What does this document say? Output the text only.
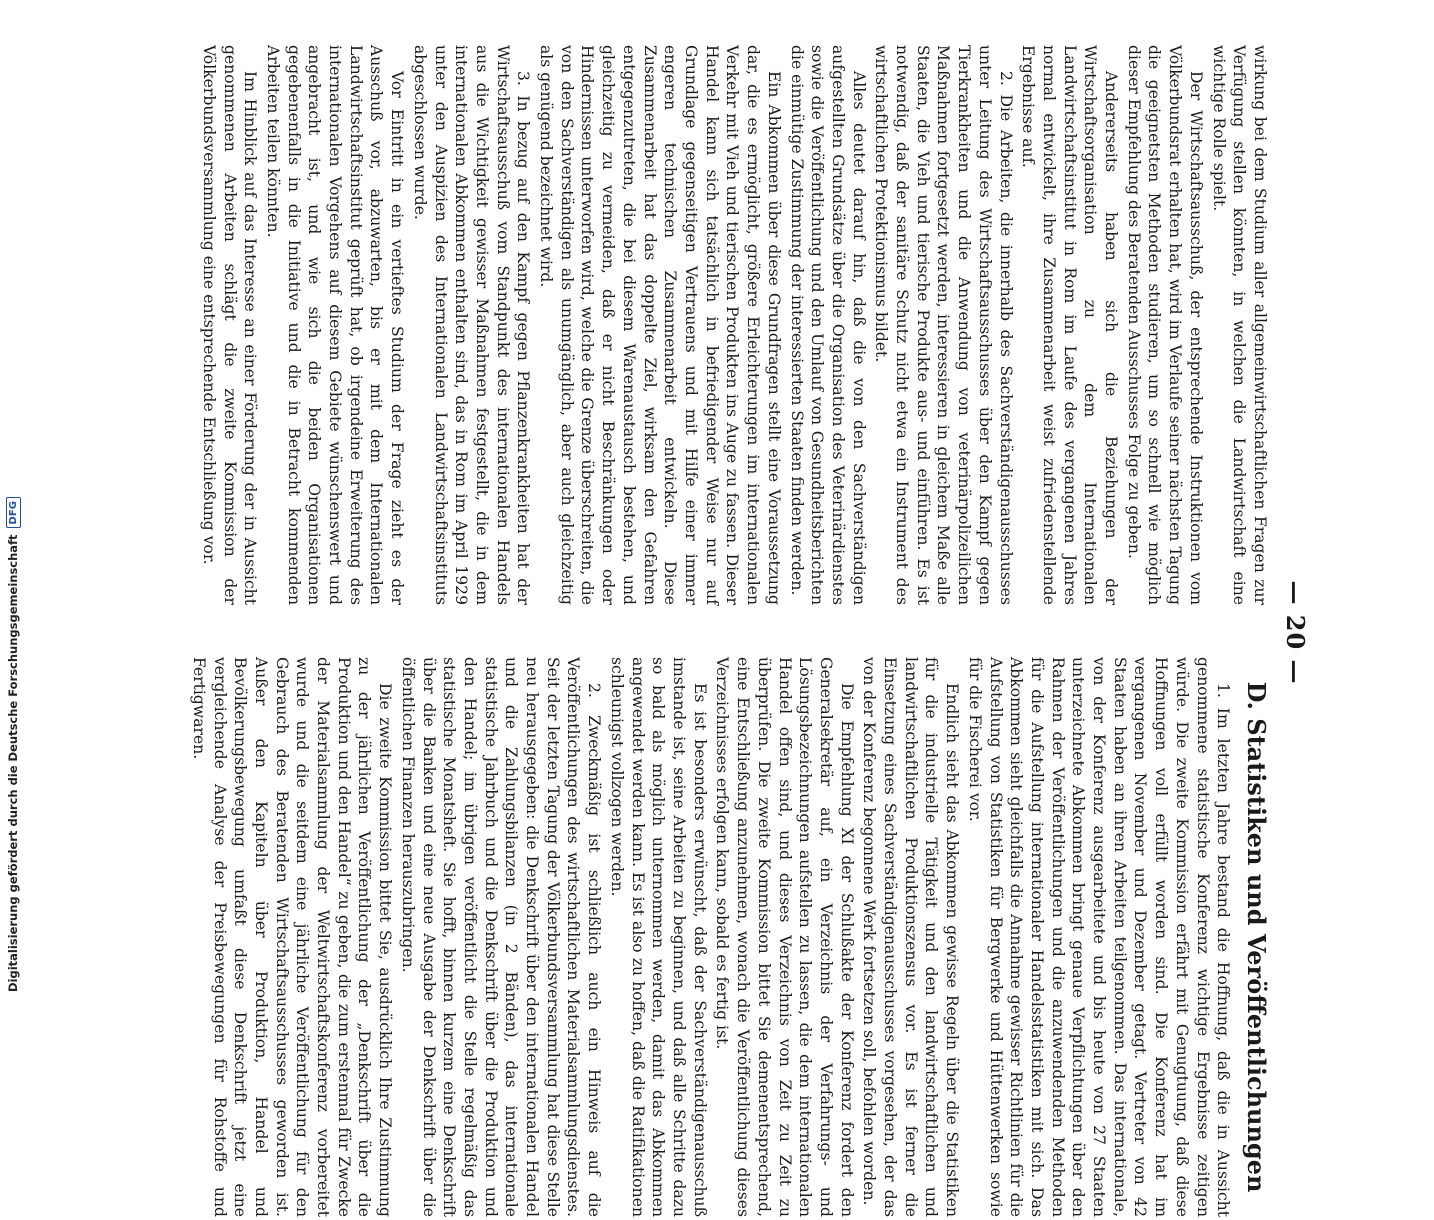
Digitalisierung gefördert durch die Deutsche ForschungsgemeinschaftDFG
— 20 —

wirkung bei dem Studium aller allgemeinwirtschaftlichen Fragen zur Verfügung stellen könnten, in welchen die Landwirtschaft eine wichtige Rolle spielt.

Der Wirtschaftsausschuß, der entsprechende Instruktionen vom Völkerbundsrat erhalten hat, wird im Verlaufe seiner nächsten Tagung die geeignetsten Methoden studieren, um so schnell wie möglich dieser Empfehlung des Beratenden Ausschusses Folge zu geben.

Andererseits haben sich die Beziehungen der Wirtschaftsorganisation zu dem Internationalen Landwirtschaftsinstitut in Rom im Laufe des vergangenen Jahres normal entwickelt, ihre Zusammenarbeit weist zufriedenstellende Ergebnisse auf.

2. Die Arbeiten, die innerhalb des Sachverständigenausschusses unter Leitung des Wirtschaftsausschusses über den Kampf gegen Tierkrankheiten und die Anwendung von veterinärpolizeilichen Maßnahmen fortgesetzt werden, interessieren in gleichem Maße alle Staaten, die Vieh und tierische Produkte aus- und einführen. Es ist notwendig, daß der sanitäre Schutz nicht etwa ein Instrument des wirtschaftlichen Protektionismus bildet.

Alles deutet darauf hin, daß die von den Sachverständigen aufgestellten Grundsätze über die Organisation des Veterinärdienstes sowie die Veröffentlichung und den Umlauf von Gesundheitsberichten die einmütige Zustimmung der interessierten Staaten finden werden.

Ein Abkommen über diese Grundfragen stellt eine Voraussetzung dar, die es ermöglicht, größere Erleichterungen im internationalen Verkehr mit Vieh und tierischen Produkten ins Auge zu fassen. Dieser Handel kann sich tatsächlich in befriedigender Weise nur auf Grundlage gegenseitigen Vertrauens und mit Hilfe einer immer engeren technischen Zusammenarbeit entwickeln. Diese Zusammenarbeit hat das doppelte Ziel, wirksam den Gefahren entgegenzutreten, die bei diesem Warenaustausch bestehen, und gleichzeitig zu vermeiden, daß er nicht Beschränkungen oder Hindernissen unterworfen wird, welche die Grenze überschreiten, die von den Sachverständigen als unumgänglich, aber auch gleichzeitig als genügend bezeichnet wird.

3. In bezug auf den Kampf gegen Pflanzenkrankheiten hat der Wirtschaftsausschuß vom Standpunkt des internationalen Handels aus die Wichtigkeit gewisser Maßnahmen festgestellt, die in dem internationalen Abkommen enthalten sind, das in Rom im April 1929 unter den Auspizien des Internationalen Landwirtschaftsinstituts abgeschlossen wurde.

Vor Eintritt in ein vertieftes Studium der Frage zieht es der Ausschuß vor, abzuwarten, bis er mit dem Internationalen Landwirtschaftsinstitut geprüft hat, ob irgendeine Erweiterung des internationalen Vorgehens auf diesem Gebiete wünschenswert und angebracht ist, und wie sich die beiden Organisationen gegebenenfalls in die Initiative und die in Betracht kommenden Arbeiten teilen könnten.

Im Hinblick auf das Interesse an einer Förderung der in Aussicht genommenen Arbeiten schlägt die zweite Kommission der Völkerbundsversammlung eine entsprechende Entschließung vor.

D. Statistiken und Veröffentlichungen

1. Im letzten Jahre bestand die Hoffnung, daß die in Aussicht genommene statistische Konferenz wichtige Ergebnisse zeitigen würde. Die zweite Kommission erfährt mit Genugtuung, daß diese Hoffnungen voll erfüllt worden sind. Die Konferenz hat im vergangenen November und Dezember getagt. Vertreter von 42 Staaten haben an ihren Arbeiten teilgenommen. Das internationale, von der Konferenz ausgearbeitete und bis heute von 27 Staaten unterzeichnete Abkommen bringt genaue Verpflichtungen über den Rahmen der Veröffentlichungen und die anzuwendenden Methoden für die Aufstellung internationaler Handelsstatistiken mit sich. Das Abkommen sieht gleichfalls die Annahme gewisser Richtlinien für die Aufstellung von Statistiken für Bergwerke und Hüttenwerken sowie für die Fischerei vor.

Endlich sieht das Abkommen gewisse Regeln über die Statistiken für die industrielle Tätigkeit und den landwirtschaftlichen und landwirtschaftlichen Produktionszensus vor. Es ist ferner die Einsetzung eines Sachverständigenausschusses vorgesehen, der das von der Konferenz begonnene Werk fortsetzen soll, befohlen worden.

Die Empfehlung XI der Schlußakte der Konferenz fordert den Generalsekretär auf, ein Verzeichnis der Verfahrungs- und Lösungsbezeichnungen aufstellen zu lassen, die dem internationalen Handel offen sind, und dieses Verzeichnis von Zeit zu Zeit zu überprüfen. Die zweite Kommission bittet Sie demenentsprechend, eine Entschließung anzunehmen, wonach die Veröffentlichung dieses Verzeichnisses erfolgen kann, sobald es fertig ist.

Es ist besonders erwünscht, daß der Sachverständigenausschuß imstande ist, seine Arbeiten zu beginnen, und daß alle Schritte dazu so bald als möglich unternommen werden, damit das Abkommen angewendet werden kann. Es ist also zu hoffen, daß die Ratifikationen schleunigst vollzogen werden.

2. Zweckmäßig ist schließlich auch ein Hinweis auf die Veröffentlichungen des wirtschaftlichen Materialsammlungsdienstes. Seit der letzten Tagung der Völkerbundsversammlung hat diese Stelle neu herausgegeben: die Denkschrift über den internationalen Handel und die Zahlungsbilanzen (in 2 Bänden), das internationale statistische Jahrbuch und die Denkschrift über die Produktion und den Handel; im übrigen veröffentlicht die Stelle regelmäßig das statistische Monatsheft. Sie hofft, binnen kurzem eine Denkschrift über die Banken und eine neue Ausgabe der Denkschrift über die öffentlichen Finanzen herauszubringen.

Die zweite Kommission bittet Sie, ausdrücklich Ihre Zustimmung zu der jährlichen Veröffentlichung der „Denkschrift über die Produktion und den Handel“ zu geben, die zum erstenmal für Zwecke der Materialsammlung der Weltwirtschaftskonferenz vorbereitet wurde und die seitdem eine jährliche Veröffentlichung für den Gebrauch des Beratenden Wirtschaftsausschusses geworden ist. Außer den Kapiteln über Produktion, Handel und Bevölkerungsbewegung umfaßt diese Denkschrift jetzt eine vergleichende Analyse der Preisbewegungen für Rohstoffe und Fertigwaren.
